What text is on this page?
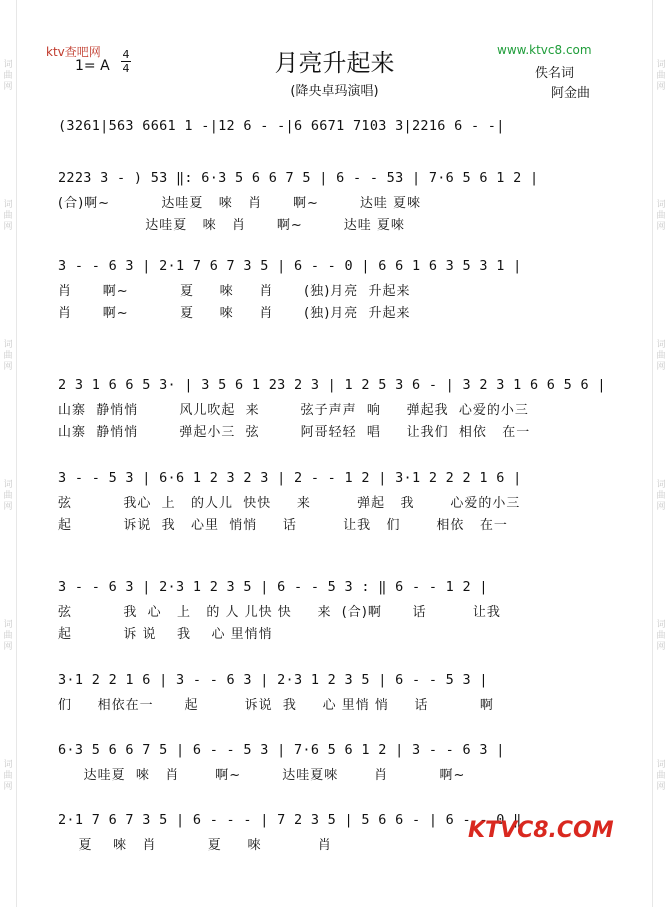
词
曲
网
词
曲
网
词
曲
网
词
曲
网
词
曲
网
词
曲
网
词
曲
网
词
曲
网
词
曲
网
词
曲
网
词
曲
网
词
曲
网
ktv查吧网
1= A
4
4	月亮升起来
(降央卓玛演唱)
www.ktvc8.com
佚名词
阿金曲
(3261|563 6661 1 -|12 6 - -|6 6671 7103 3|2216 6 - -|
2223 3 - ) 53 ‖: 6·3 5 6 6 7 5 | 6 - - 53 | 7·6 5 6 1 2 |
(合)啊~          达哇夏   唻   肖      啊~        达哇 夏唻
达哇夏   唻   肖      啊~        达哇 夏唻
3 - - 6 3 | 2·1 7 6 7 3 5 | 6 - - 0 | 6 6 1 6 3 5 3 1 |
肖      啊~          夏     唻     肖      (独)月亮  升起来
肖      啊~          夏     唻     肖      (独)月亮  升起来
2 3 1 6 6 5 3· | 3 5 6 1 23 2 3 | 1 2 5 3 6 - | 3 2 3 1 6 6 5 6 |
山寨  静悄悄        风儿吹起  来        弦子声声  响     弹起我  心爱的小三
山寨  静悄悄        弹起小三  弦        阿哥轻轻  唱     让我们  相依   在一
3 - - 5 3 | 6·6 1 2 3 2 3 | 2 - - 1 2 | 3·1 2 2 2 1 6 |
弦          我心  上   的人儿  快快     来         弹起   我       心爱的小三
起          诉说  我   心里  悄悄     话         让我   们       相依   在一
3 - - 6 3 | 2·3 1 2 3 5 | 6 - - 5 3 : ‖ 6 - - 1 2 |
弦          我  心   上   的 人 儿快 快     来  (合)啊      话         让我
起          诉 说    我    心 里悄悄
3·1 2 2 1 6 | 3 - - 6 3 | 2·3 1 2 3 5 | 6 - - 5 3 |
们     相依在一      起         诉说  我     心 里悄 悄     话          啊
6·3 5 6 6 7 5 | 6 - - 5 3 | 7·6 5 6 1 2 | 3 - - 6 3 |
达哇夏  唻   肖       啊~        达哇夏唻       肖          啊~
2·1 7 6 7 3 5 | 6 - - - | 7 2 3 5 | 5 6 6 - | 6 - - 0 ‖
夏    唻   肖          夏     唻           肖
KTVC8.COM
